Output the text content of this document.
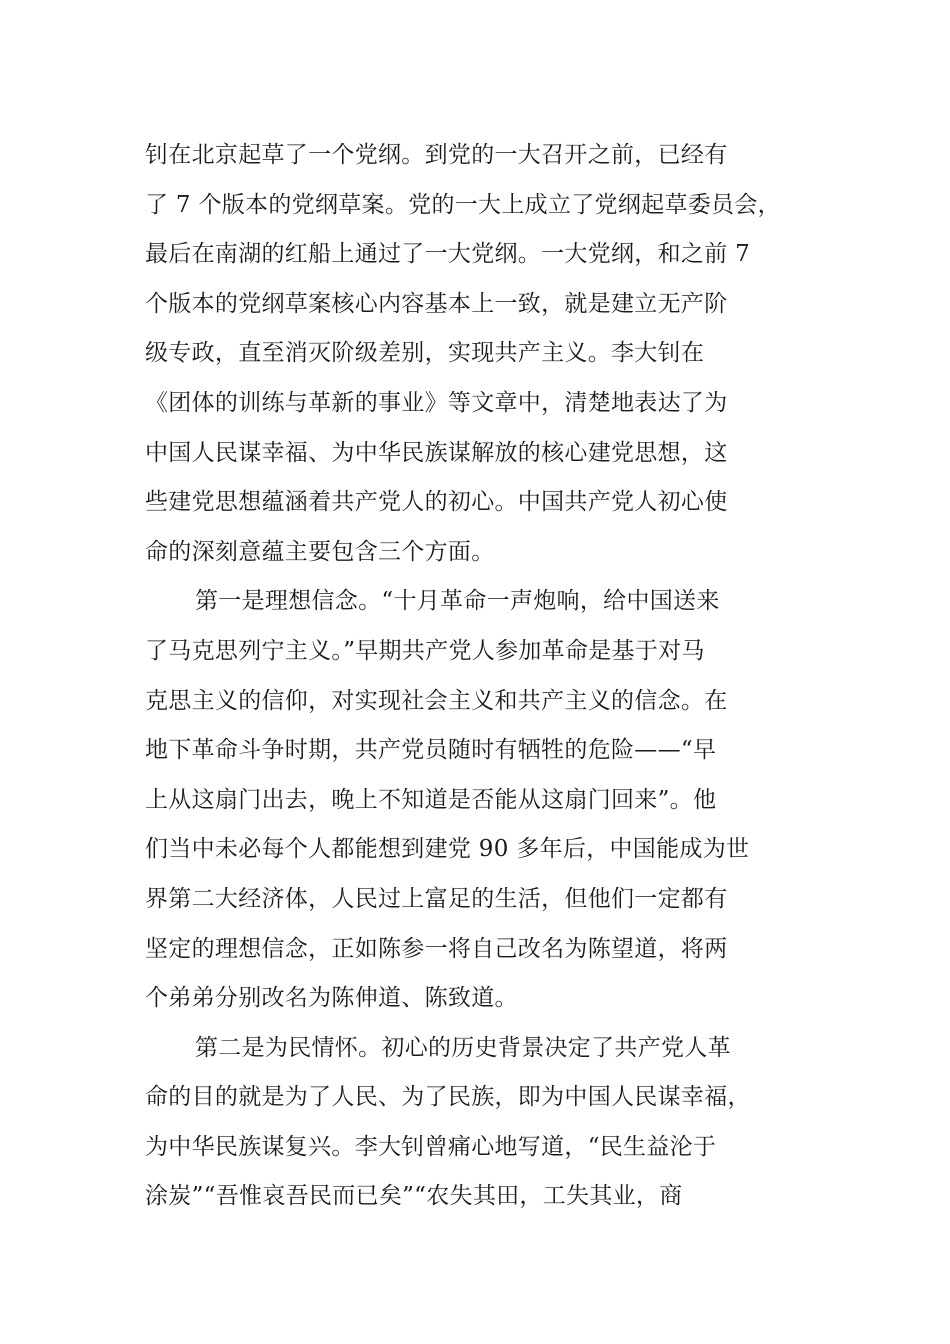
钊在北京起草了一个党纲。到党的一大召开之前，已经有
了 7 个版本的党纲草案。党的一大上成立了党纲起草委员会，
最后在南湖的红船上通过了一大党纲。一大党纲，和之前 7
个版本的党纲草案核心内容基本上一致，就是建立无产阶
级专政，直至消灭阶级差别，实现共产主义。李大钊在
《团体的训练与革新的事业》等文章中，清楚地表达了为
中国人民谋幸福、为中华民族谋解放的核心建党思想，这
些建党思想蕴涵着共产党人的初心。中国共产党人初心使
命的深刻意蕴主要包含三个方面。
第一是理想信念。“十月革命一声炮响，给中国送来
了马克思列宁主义。”早期共产党人参加革命是基于对马
克思主义的信仰，对实现社会主义和共产主义的信念。在
地下革命斗争时期，共产党员随时有牺牲的危险——“早
上从这扇门出去，晚上不知道是否能从这扇门回来”。他
们当中未必每个人都能想到建党 90 多年后，中国能成为世
界第二大经济体，人民过上富足的生活，但他们一定都有
坚定的理想信念，正如陈参一将自己改名为陈望道，将两
个弟弟分别改名为陈伸道、陈致道。
第二是为民情怀。初心的历史背景决定了共产党人革
命的目的就是为了人民、为了民族，即为中国人民谋幸福，
为中华民族谋复兴。李大钊曾痛心地写道，“民生益沦于
涂炭”“吾惟哀吾民而已矣”“农失其田，工失其业，商
